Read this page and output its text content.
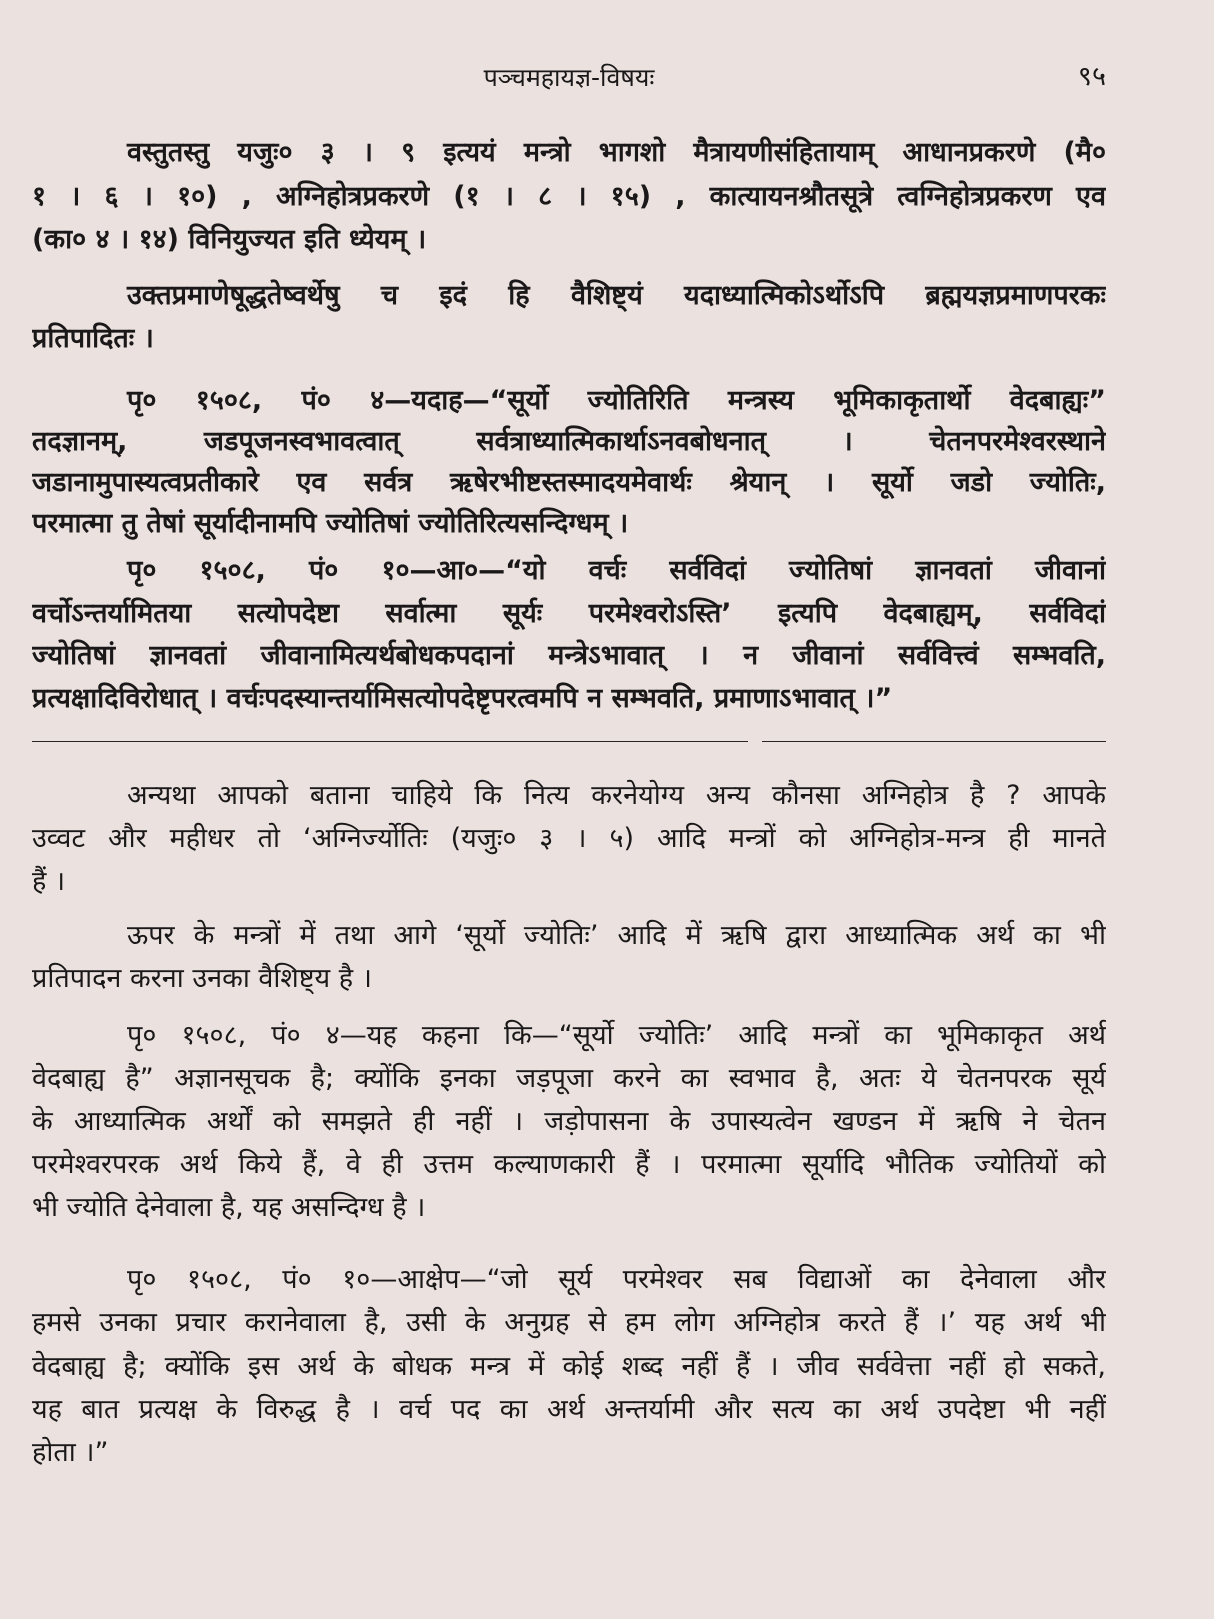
पञ्चमहायज्ञ-विषयः	९५
वस्तुतस्तु यजुः० ३ । ९ इत्ययं मन्त्रो भागशो मैत्रायणीसंहितायाम् आधानप्रकरणे (मै०
१ । ६ । १०) , अग्निहोत्रप्रकरणे (१ । ८ । १५) , कात्यायनश्रौतसूत्रे त्वग्निहोत्रप्रकरण एव
(का० ४ । १४) विनियुज्यत इति ध्येयम् ।
उक्तप्रमाणेषूद्धतेष्वर्थेषु च इदं हि वैशिष्ट्यं यदाध्यात्मिकोऽर्थोऽपि ब्रह्मयज्ञप्रमाणपरकः
प्रतिपादितः ।
पृ० १५०८, पं० ४—यदाह—“सूर्यो ज्योतिरिति मन्त्रस्य भूमिकाकृतार्थो वेदबाह्यः”
तदज्ञानम्, जडपूजनस्वभावत्वात् सर्वत्राध्यात्मिकार्थाऽनवबोधनात् । चेतनपरमेश्वरस्थाने
जडानामुपास्यत्वप्रतीकारे एव सर्वत्र ऋषेरभीष्टस्तस्मादयमेवार्थः श्रेयान् । सूर्यो जडो ज्योतिः,
परमात्मा तु तेषां सूर्यादीनामपि ज्योतिषां ज्योतिरित्यसन्दिग्धम् ।
पृ० १५०८, पं० १०—आ०—“यो वर्चः सर्वविदां ज्योतिषां ज्ञानवतां जीवानां
वर्चोऽन्तर्यामितया सत्योपदेष्टा सर्वात्मा सूर्यः परमेश्वरोऽस्ति’ इत्यपि वेदबाह्यम्, सर्वविदां
ज्योतिषां ज्ञानवतां जीवानामित्यर्थबोधकपदानां मन्त्रेऽभावात् । न जीवानां सर्ववित्त्वं सम्भवति,
प्रत्यक्षादिविरोधात् । वर्चःपदस्यान्तर्यामिसत्योपदेष्टृपरत्वमपि न सम्भवति, प्रमाणाऽभावात् ।”
अन्यथा आपको बताना चाहिये कि नित्य करनेयोग्य अन्य कौनसा अग्निहोत्र है ? आपके
उव्वट और महीधर तो ‘अग्निर्ज्योतिः (यजुः० ३ । ५) आदि मन्त्रों को अग्निहोत्र-मन्त्र ही मानते
हैं ।
ऊपर के मन्त्रों में तथा आगे ‘सूर्यो ज्योतिः’ आदि में ऋषि द्वारा आध्यात्मिक अर्थ का भी
प्रतिपादन करना उनका वैशिष्ट्य है ।
पृ० १५०८, पं० ४—यह कहना कि—“सूर्यो ज्योतिः’ आदि मन्त्रों का भूमिकाकृत अर्थ
वेदबाह्य है” अज्ञानसूचक है; क्योंकि इनका जड़पूजा करने का स्वभाव है, अतः ये चेतनपरक सूर्य
के आध्यात्मिक अर्थों को समझते ही नहीं । जड़ोपासना के उपास्यत्वेन खण्डन में ऋषि ने चेतन
परमेश्वरपरक अर्थ किये हैं, वे ही उत्तम कल्याणकारी हैं । परमात्मा सूर्यादि भौतिक ज्योतियों को
भी ज्योति देनेवाला है, यह असन्दिग्ध है ।
पृ० १५०८, पं० १०—आक्षेप—“जो सूर्य परमेश्वर सब विद्याओं का देनेवाला और
हमसे उनका प्रचार करानेवाला है, उसी के अनुग्रह से हम लोग अग्निहोत्र करते हैं ।’ यह अर्थ भी
वेदबाह्य है; क्योंकि इस अर्थ के बोधक मन्त्र में कोई शब्द नहीं हैं । जीव सर्ववेत्ता नहीं हो सकते,
यह बात प्रत्यक्ष के विरुद्ध है । वर्च पद का अर्थ अन्तर्यामी और सत्य का अर्थ उपदेष्टा भी नहीं
होता ।”
